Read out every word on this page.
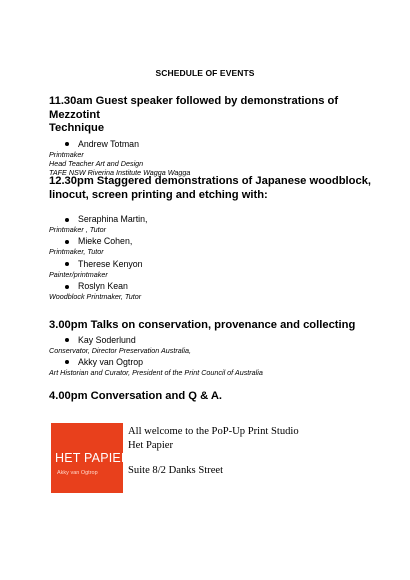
SCHEDULE OF EVENTS
11.30am Guest speaker followed by demonstrations of Mezzotint
Technique
Andrew Totman
Printmaker
Head Teacher Art and Design
TAFE NSW Riverina Institute Wagga Wagga
12.30pm Staggered demonstrations of Japanese woodblock,
linocut, screen printing and etching with:
Seraphina Martin,
Printmaker , Tutor
Mieke Cohen,
Printmaker, Tutor
Therese Kenyon
Painter/printmaker
Roslyn Kean
Woodblock Printmaker, Tutor
3.00pm Talks on conservation, provenance and collecting
Kay Soderlund
Conservator, Director Preservation Australia,
Akky van Ogtrop
Art Historian and Curator, President of the Print Council of Australia
4.00pm Conversation and Q & A.
HET PAPIER
Akky van Ogtrop
All welcome to the PoP-Up Print Studio
Het Papier
Suite 8/2 Danks Street
